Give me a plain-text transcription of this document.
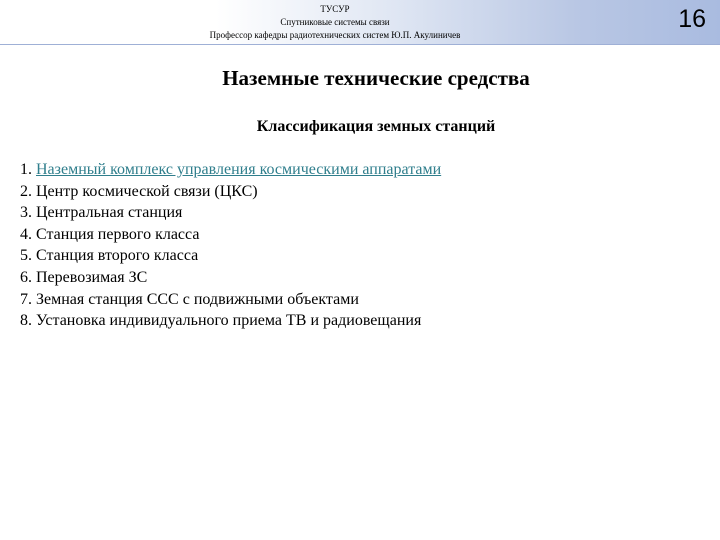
ТУСУР
Спутниковые системы связи
Профессор кафедры радиотехнических систем Ю.П. Акулиничев
16
Наземные технические средства
Классификация земных станций
1. Наземный комплекс управления космическими аппаратами
2. Центр космической связи (ЦКС)
3. Центральная станция
4. Станция первого класса
5. Станция второго класса
6. Перевозимая ЗС
7. Земная станция ССС с подвижными объектами
8. Установка индивидуального приема ТВ и радиовещания
